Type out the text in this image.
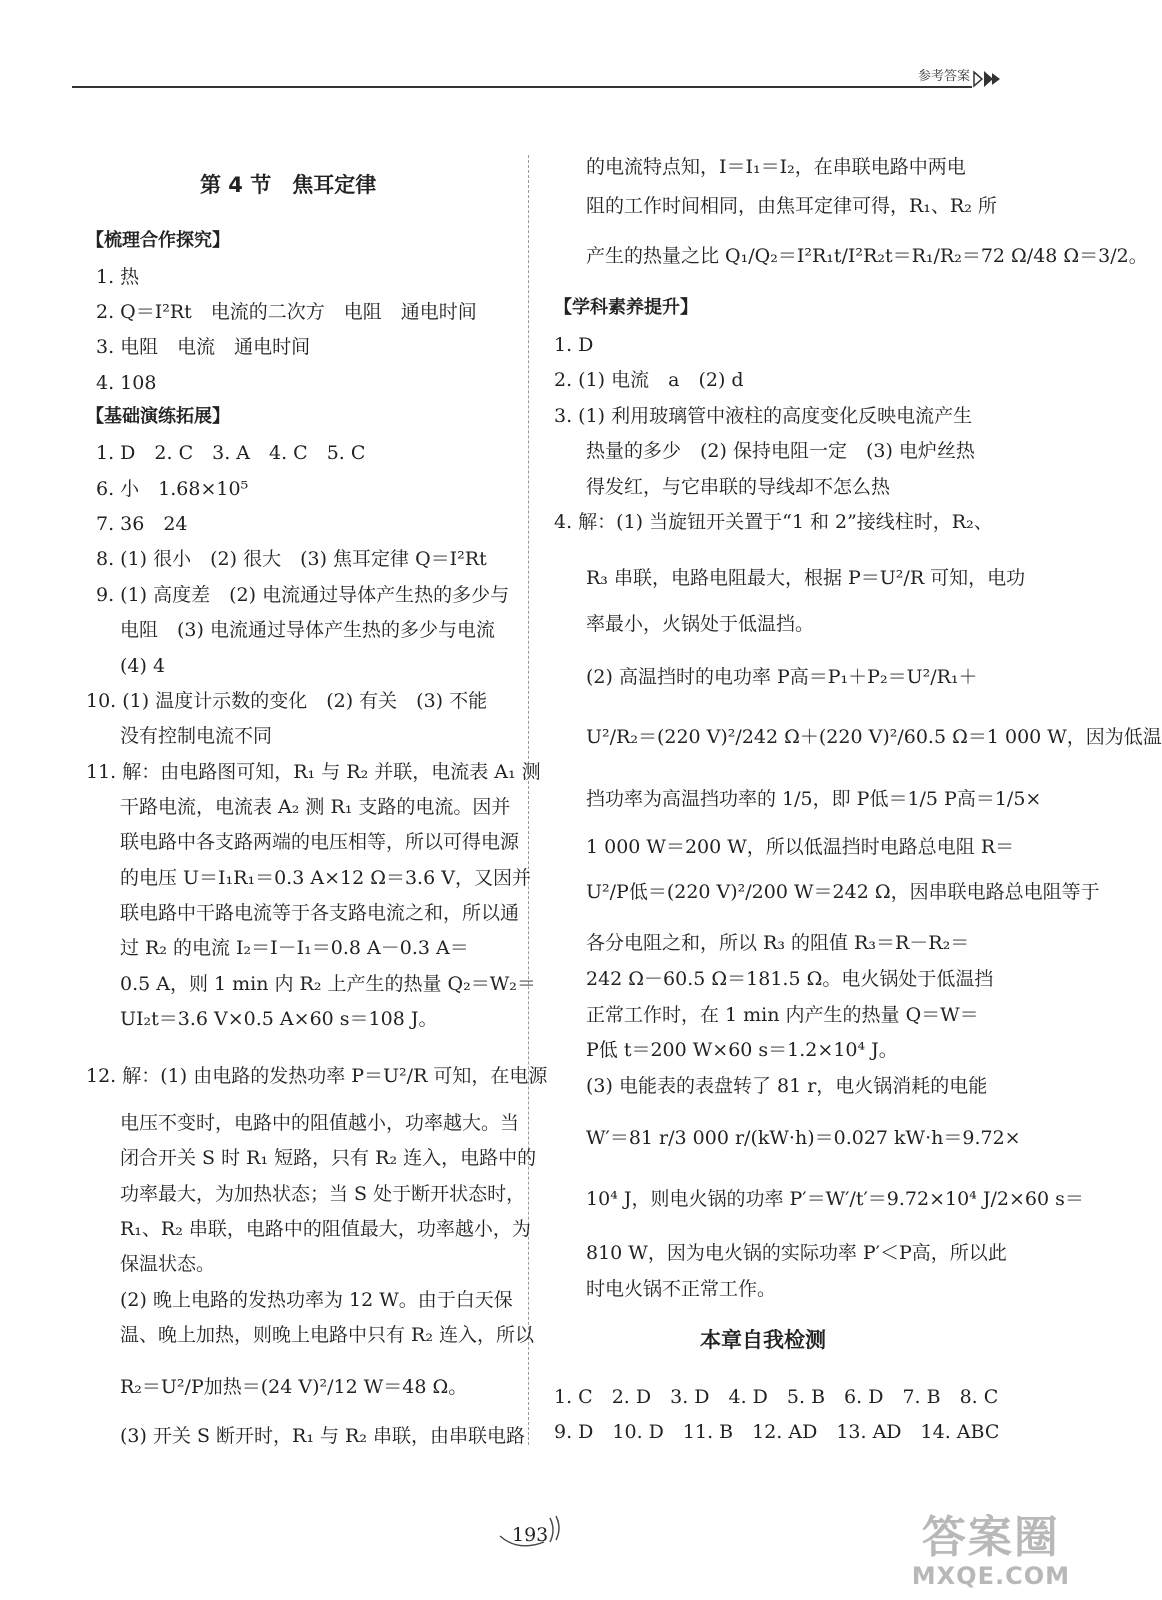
参考答案
第 4 节　焦耳定律
【梳理合作探究】
1. 热
2. Q＝I²Rt　电流的二次方　电阻　通电时间
3. 电阻　电流　通电时间
4. 108
【基础演练拓展】
1. D　2. C　3. A　4. C　5. C
6. 小　1.68×10⁵
7. 36　24
8. (1) 很小　(2) 很大　(3) 焦耳定律 Q＝I²Rt
9. (1) 高度差　(2) 电流通过导体产生热的多少与
电阻　(3) 电流通过导体产生热的多少与电流
(4) 4
10. (1) 温度计示数的变化　(2) 有关　(3) 不能
没有控制电流不同
11. 解：由电路图可知，R₁ 与 R₂ 并联，电流表 A₁ 测
干路电流，电流表 A₂ 测 R₁ 支路的电流。因并
联电路中各支路两端的电压相等，所以可得电源
的电压 U＝I₁R₁＝0.3 A×12 Ω＝3.6 V，又因并
联电路中干路电流等于各支路电流之和，所以通
过 R₂ 的电流 I₂＝I－I₁＝0.8 A－0.3 A＝
0.5 A，则 1 min 内 R₂ 上产生的热量 Q₂＝W₂＝
UI₂t＝3.6 V×0.5 A×60 s＝108 J。
12. 解：(1) 由电路的发热功率 P＝U²/R 可知，在电源
电压不变时，电路中的阻值越小，功率越大。当
闭合开关 S 时 R₁ 短路，只有 R₂ 连入，电路中的
功率最大，为加热状态；当 S 处于断开状态时，
R₁、R₂ 串联，电路中的阻值最大，功率越小，为
保温状态。
(2) 晚上电路的发热功率为 12 W。由于白天保
温、晚上加热，则晚上电路中只有 R₂ 连入，所以
R₂＝U²/P加热＝(24 V)²/12 W＝48 Ω。
(3) 开关 S 断开时，R₁ 与 R₂ 串联，由串联电路
的电流特点知，I＝I₁＝I₂，在串联电路中两电
阻的工作时间相同，由焦耳定律可得，R₁、R₂ 所
产生的热量之比 Q₁/Q₂＝I²R₁t/I²R₂t＝R₁/R₂＝72 Ω/48 Ω＝3/2。
【学科素养提升】
1. D
2. (1) 电流　a　(2) d
3. (1) 利用玻璃管中液柱的高度变化反映电流产生
热量的多少　(2) 保持电阻一定　(3) 电炉丝热
得发红，与它串联的导线却不怎么热
4. 解：(1) 当旋钮开关置于“1 和 2”接线柱时，R₂、
R₃ 串联，电路电阻最大，根据 P＝U²/R 可知，电功
率最小，火锅处于低温挡。
(2) 高温挡时的电功率 P高＝P₁＋P₂＝U²/R₁＋
U²/R₂＝(220 V)²/242 Ω＋(220 V)²/60.5 Ω＝1 000 W，因为低温
挡功率为高温挡功率的 1/5，即 P低＝1/5 P高＝1/5×
1 000 W＝200 W，所以低温挡时电路总电阻 R＝
U²/P低＝(220 V)²/200 W＝242 Ω，因串联电路总电阻等于
各分电阻之和，所以 R₃ 的阻值 R₃＝R－R₂＝
242 Ω－60.5 Ω＝181.5 Ω。电火锅处于低温挡
正常工作时，在 1 min 内产生的热量 Q＝W＝
P低 t＝200 W×60 s＝1.2×10⁴ J。
(3) 电能表的表盘转了 81 r，电火锅消耗的电能
W′＝81 r/3 000 r/(kW·h)＝0.027 kW·h＝9.72×
10⁴ J，则电火锅的功率 P′＝W′/t′＝9.72×10⁴ J/2×60 s＝
810 W，因为电火锅的实际功率 P′＜P高，所以此
时电火锅不正常工作。
本章自我检测
1. C　2. D　3. D　4. D　5. B　6. D　7. B　8. C
9. D　10. D　11. B　12. AD　13. AD　14. ABC
193	答案圈
MXQE.COM
